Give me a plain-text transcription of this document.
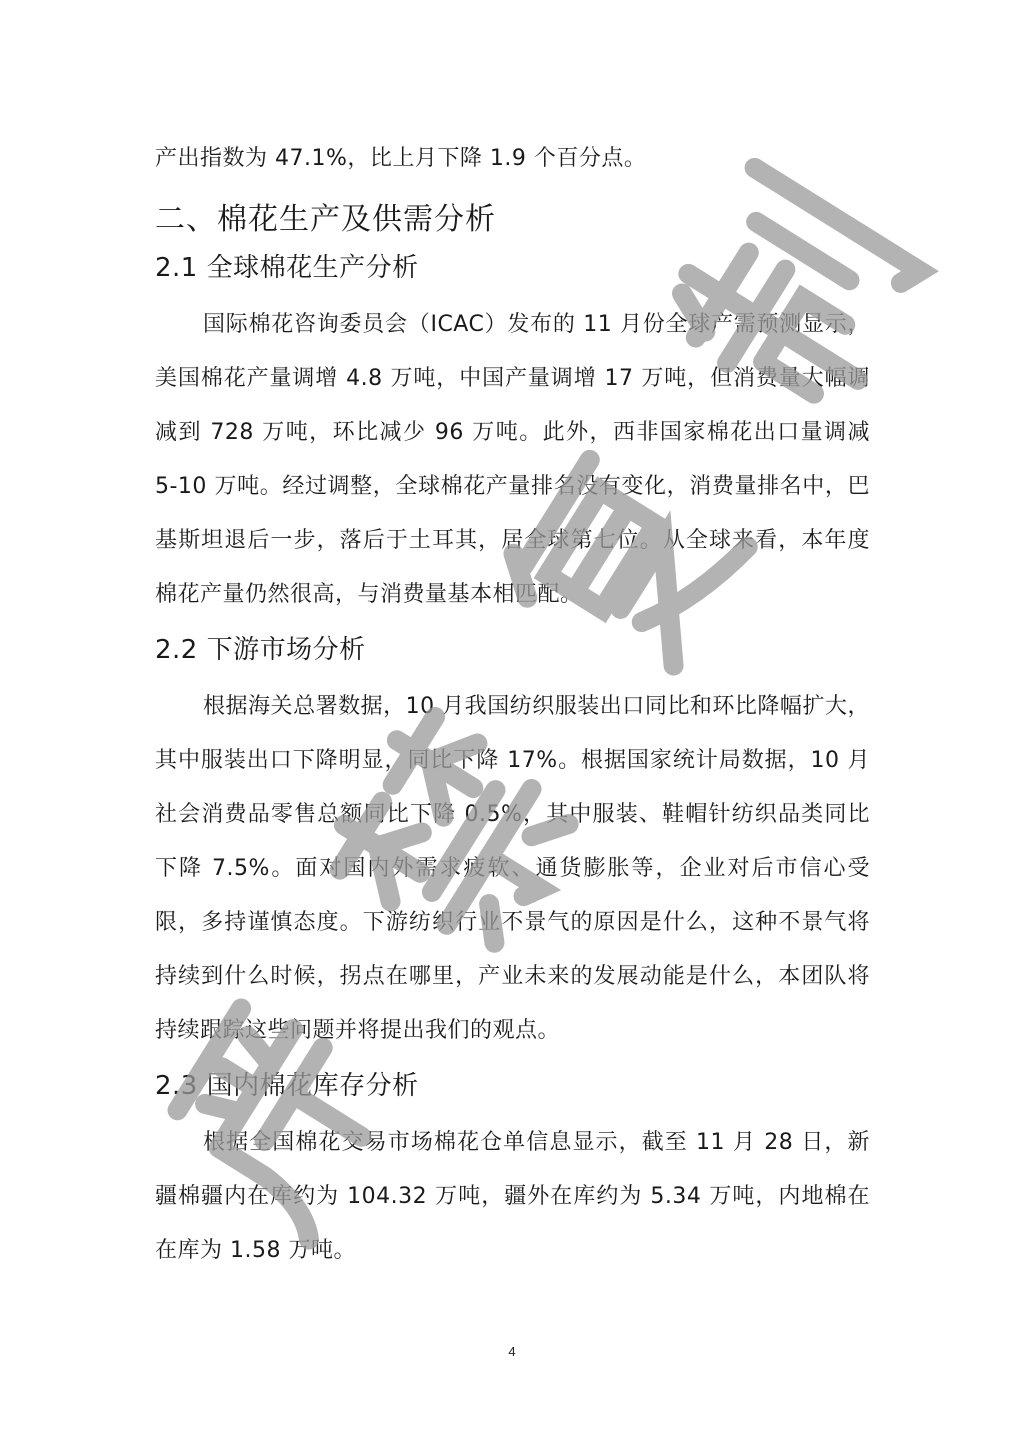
产出指数为 47.1%，比上月下降 1.9 个百分点。

二、棉花生产及供需分析
2.1 全球棉花生产分析

国际棉花咨询委员会（ICAC）发布的 11 月份全球产需预测显示，美国棉花产量调增 4.8 万吨，中国产量调增 17 万吨，但消费量大幅调减到 728 万吨，环比减少 96 万吨。此外，西非国家棉花出口量调减 5-10 万吨。经过调整，全球棉花产量排名没有变化，消费量排名中，巴基斯坦退后一步，落后于土耳其，居全球第七位。从全球来看，本年度棉花产量仍然很高，与消费量基本相匹配。

2.2 下游市场分析

根据海关总署数据，10 月我国纺织服装出口同比和环比降幅扩大，其中服装出口下降明显，同比下降 17%。根据国家统计局数据，10 月社会消费品零售总额同比下降 0.5%，其中服装、鞋帽针纺织品类同比下降 7.5%。面对国内外需求疲软、通货膨胀等，企业对后市信心受限，多持谨慎态度。下游纺织行业不景气的原因是什么，这种不景气将持续到什么时候，拐点在哪里，产业未来的发展动能是什么，本团队将持续跟踪这些问题并将提出我们的观点。

2.3 国内棉花库存分析

根据全国棉花交易市场棉花仓单信息显示，截至 11 月 28 日，新疆棉疆内在库约为 104.32 万吨，疆外在库约为 5.34 万吨，内地棉在在库为 1.58 万吨。

4
